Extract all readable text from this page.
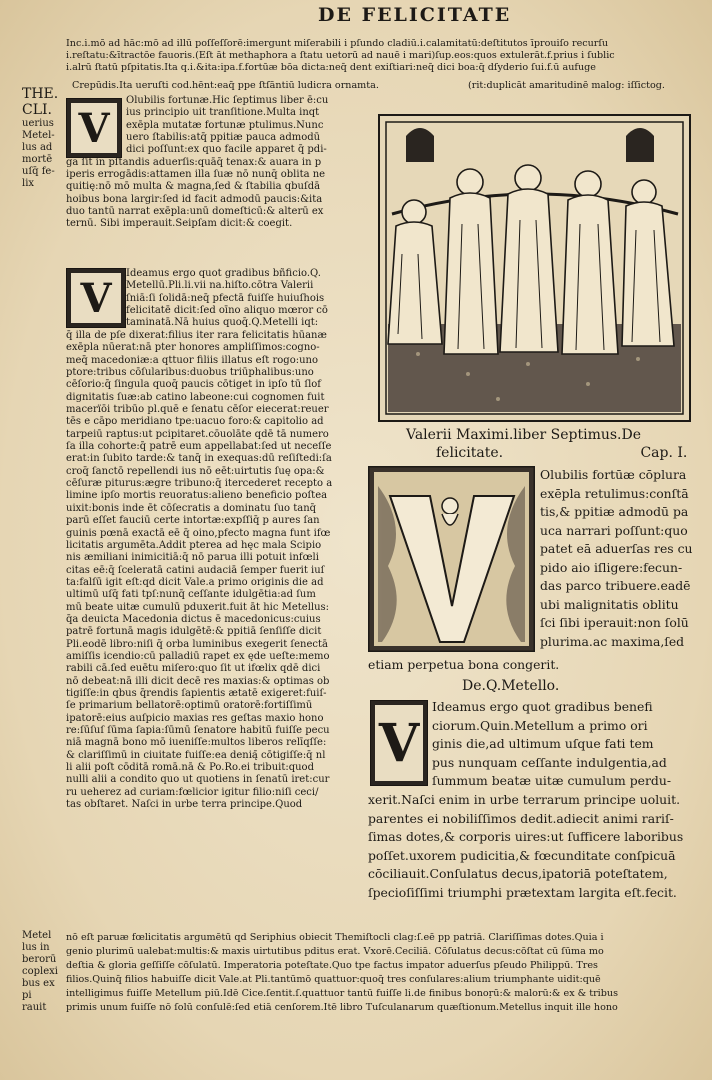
DE FELICITATE
Inc.i.mō ad hāc:mō ad illū poſſeſſorē:imergunt miſerabili i pſundo cladiū.i.calamitatū:deſtitutos īprouiſo recurſu
i.reſtatu:&ītractōe fauoris.(Eſt āt methaphora a ſtatu uetorū ad nauē i mari)ſup.eos:quos extulerāt.f.prius i ſublic
i.alrū ſtatū pſpitatis.Ita q.i.&ita:ipa.f.fortūæ bōa dicta:neq̄ dent exiſtiari:neq̄ dici boa:q̄ dſyderio ſui.f.ū aufuge
Crepūdis.Ita ueruſti cod.hēnt:eaq̄ ppe ſtſāntiū ludicra ornamta.	(rit:duplicāt amaritudinē malog: iſſictog.
THE.
CLI.
uerius
Metel-
lus ad
mortē
uſq̄ fe-
lix
V
V
Olubilis fortunæ.Hic ſeptimus liber ē:cu
ius principio uit tranſitione.Multa inqt
exēpla mutatæ fortunæ ptulimus.Nunc
uero ſtabilis:atq̄ ppitiæ pauca admodū
dici poſſunt:ex quo facile apparet q̄ pdi-
ga ſit in pſtandis aduerſis:quāq̄ tenax:& auara in p
iperis errogādis:attamen illa ſuæ nō nunq̄ oblita ne
quitię:nō mō multa & magna,ſed & ſtabilia qbuſdā
hoibus bona largir:ſed id facit admodū paucis:&ita
duo tantū narrat exēpla:unū domeſticū:& alterū ex
ternū. Sibi imperauit.Seipſam dicit:& coegit.
Ideamus ergo quot gradibus bñficio.Q.
Metellū.Pli.li.vii na.hiſto.cōtra Valerii
ſniā:ſi ſolidā:neq̄ pfectā fuiſſe huiuſhois
felicitatē dicit:ſed oīno aliquo mœror cō
taminatā.Nā huius quoq̄.Q.Metelli iqt:
q̄ illa de pſe dixerat:filius iter rara felicitatis hūanæ
exēpla nūerat:nā pter honores ampliſſimos:cogno-
meq̄ macedoniæ:a qttuor filiis illatus eſt rogo:uno
ptore:tribus cōſularibus:duobus triūphalibus:uno
cēſorio:q̄ ſingula quoq̄ paucis cōtiget in ipſo tū ſlof
dignitatis ſuæ:ab catino labeone:cui cognomen fuit
macerïōi tribūo pl.quē e ſenatu cēſor eiecerat:reuer
tēs e cāpo meridiano tpe:uacuo foro:& capitolio ad
tarpeiū raptus:ut pcipitaret.cōuolāte qdē tā numero
ſa illa cohorte:q̄ patrē eum appellabat:ſed ut neceſſe
erat:in ſubito tarde:& tanq̄ in exequas:dū reſiſtedi:ſa
croq̄ ſanctō repellendi ius nō eēt:uirtutis ſuę opa:&
cēſuræ piturus:ægre tribuno:q̄ itercederet recepto a
limine ipſo mortis reuoratus:alieno beneficio poſtea
uixit:bonis inde ēt cōſecratis a dominatu ſuo tanq̄
parū eſſet fauciū certe intortæ:expſſiq̄ p aures ſan
guinis pœnā exactā eē q̄ oino,pfecto magna funt ifœ
licitatis argumēta.Addit pterea ad hęc mala Scipio
nis æmiliani inimicitiā:q̄ nō parua illi potuit infœli
citas eē:q̄ ſceleratā catini audaciā ſemper fuerit iuſ
ta:falſū igit eſt:qd dicit Vale.a primo originis die ad
ultimū uſq̄ fati tpſ:nunq̄ ceſſante idulgētia:ad ſum
mū beate uitæ cumulū pduxerit.fuit āt hic Metellus:
q̄a deuicta Macedonia dictus ē macedonicus:cuius
patrē fortunā magis idulgētē:& ppitiā ſenſiſſe dicit
Pli.eodē libro:niſi q̄ orba luminibus exegerit ſenectā
amiſſis icendio:cū palladiū rapet ex ęde ueſte:memo
rabili cā.ſed euētu miſero:quo ſit ut ifœlix qdē dici
nō debeat:nā illi dicit decē res maxias:& optimas ob
tigiſſe:in qbus q̄rendis ſapientis ætatē exigeret:fuiſ-
ſe primarium bellatorē:optimū oratorē:fortiſſimū
ipatorē:eius auſpicio maxias res geſtas maxio hono
re:ſūſuſ ſūma ſapia:ſūmū ſenatore habitū fuiſſe pecu
niā magnā bono mō iueniſſe:multos liberos relīqſſe:
& clariſſimū in ciuitate fuiſſe:ea denią̄ cōtigiſſe:q̄ nl
li alii poſt cōditā romā.nā & Po.Ro.ei tribuit:quod
nulli alii a condito quo ut quotiens in ſenatū iret:cur
ru ueherez ad curiam:fœlicior igitur filio:niſi ceci/
tas obſtaret. Naſci in urbe terra principe.Quod
Valerii Maximi.liber Septimus.De
felicitate.	Cap. I.
Olubilis fortūæ cōplura
exēpla retulimus:conſtā
tis,& ppitiæ admodū pa
uca narrari poſſunt:quo
patet eā aduerſas res cu
pido aio iſligere:fecun-
das parco tribuere.eadē
ubi malignitatis oblitu
ſci ſibi iperauit:non ſolū
plurima.ac maxima,ſed
etiam perpetua bona congerit.
De.Q.Metello.
V
Ideamus ergo quot gradibus benefi
ciorum.Quin.Metellum a primo ori
ginis die,ad ultimum uſque fati tem
pus nunquam ceſſante indulgentia,ad
ſummum beatæ uitæ cumulum perdu-
xerit.Naſci enim in urbe terrarum principe uoluit.
parentes ei nobiliſſimos dedit.adiecit animi rariſ-
ſimas dotes,& corporis uires:ut ſufficere laboribus
poſſet.uxorem pudicitia,& fœcunditate conſpicuā
cōciliauit.Conſulatus decus,ipatoriā poteſtatem,
ſpecioſiſſimi triumphi prætextam largita eſt.fecit.
Metel
lus in
berorū
coplexi
bus ex pi
rauit
nō eſt paruæ fœlicitatis argumētū qd Seriphius obiecit Themiſtocli clag:ſ.eē pp patriā. Clariſſimas dotes.Quia i
genio plurimū ualebat:multis:& maxis uirtutibus pditus erat. Vxorē.Ceciliā. Cōſulatus decus:cōſtat cū ſūma mo
deſtia & gloria geſſiſſe cōſulatū. Imperatoria poteſtate.Quo tpe factus impator aduerſus pſeudo Philippū. Tres
filios.Quinq̄ filios habuiſſe dicit Vale.at Pli.tantūmō quattuor:quoq̄ tres conſulares:alium triumphante uidit:quē
intelligimus fuiſſe Metellum piū.Idē Cice.ſentit.ſ.quattuor tantū fuiſſe li.de finibus bonoṛū:& malorū:& ex & tribus
primis unum fuiſſe nō ſolū conſulē:ſed etiā cenſorem.Itē libro Tuſculanarum quæſtionum.Metellus inquit ille hono
